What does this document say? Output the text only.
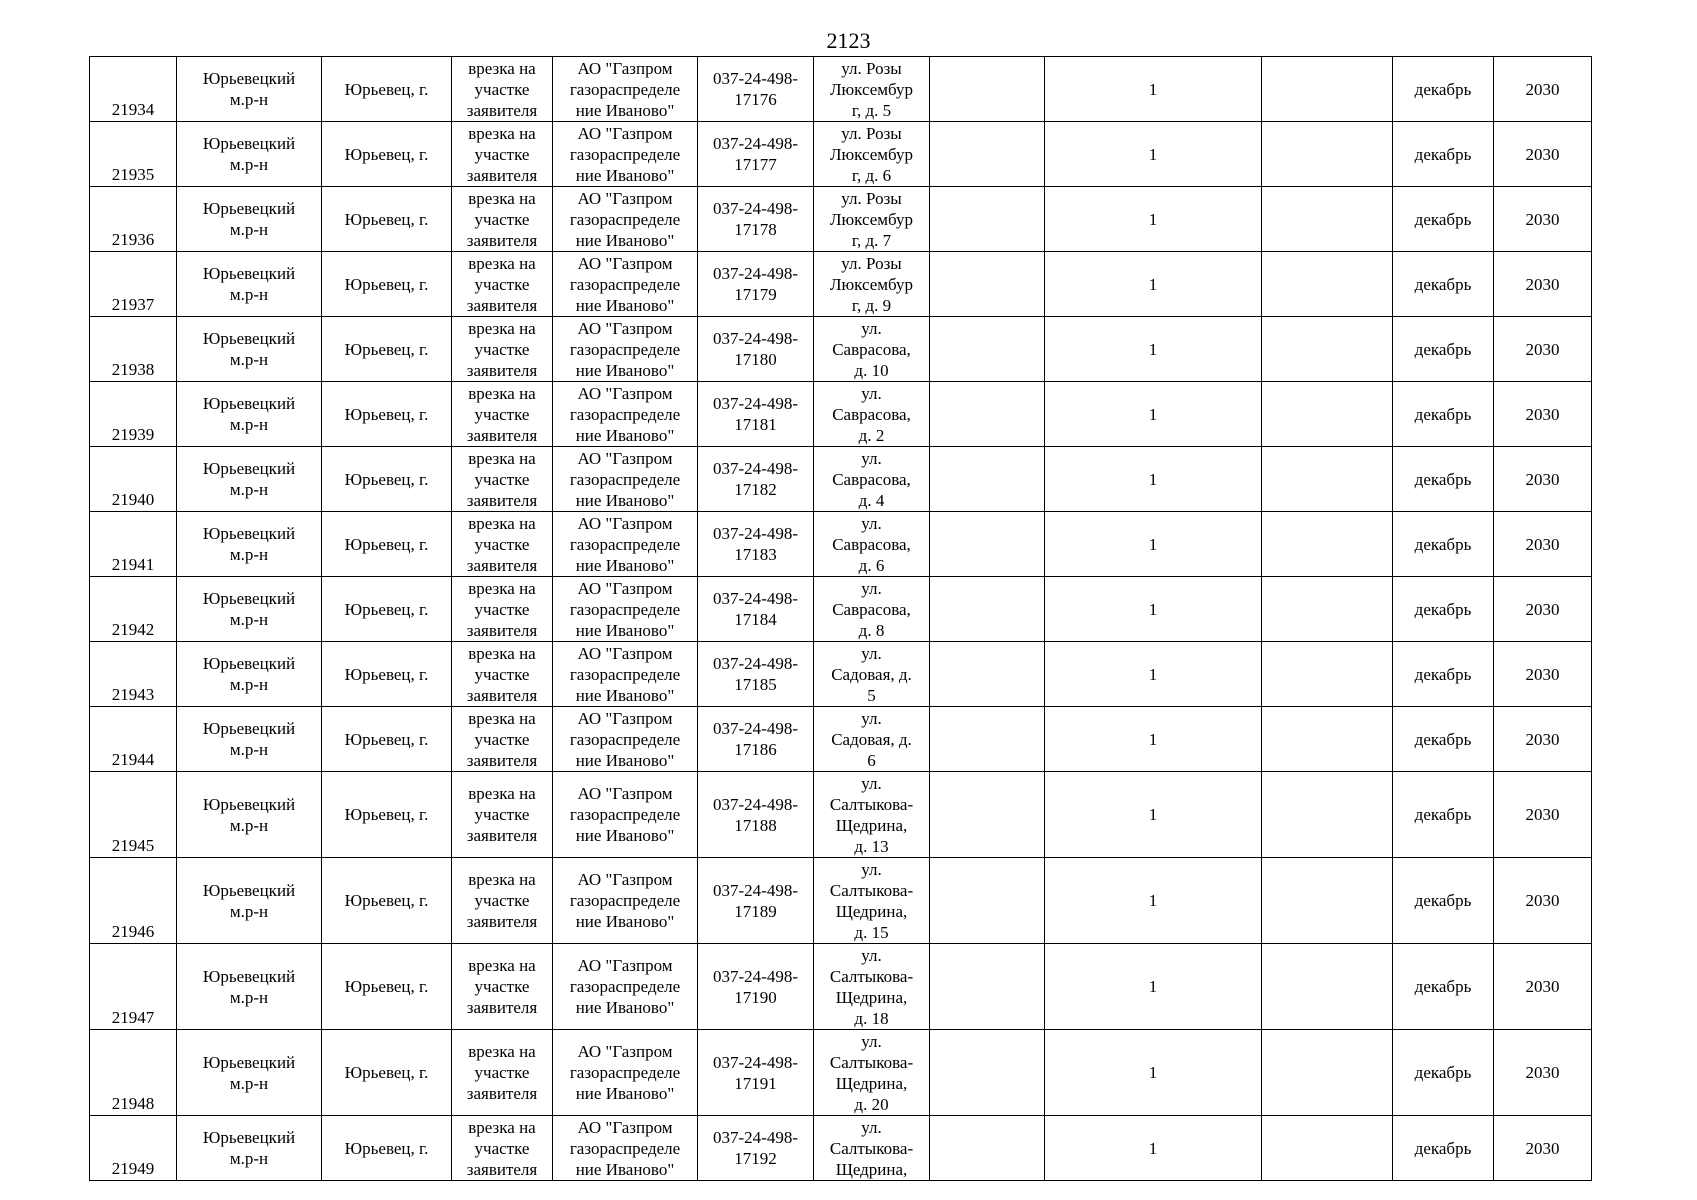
2123
21934	Юрьевецкий
м.р-н	Юрьевец, г.	врезка на
участке
заявителя	АО "Газпром
газораспределе
ние Иваново"	037-24-498-
17176	ул. Розы
Люксембур
г, д. 5		1		декабрь	2030
21935	Юрьевецкий
м.р-н	Юрьевец, г.	врезка на
участке
заявителя	АО "Газпром
газораспределе
ние Иваново"	037-24-498-
17177	ул. Розы
Люксембур
г, д. 6		1		декабрь	2030
21936	Юрьевецкий
м.р-н	Юрьевец, г.	врезка на
участке
заявителя	АО "Газпром
газораспределе
ние Иваново"	037-24-498-
17178	ул. Розы
Люксембур
г, д. 7		1		декабрь	2030
21937	Юрьевецкий
м.р-н	Юрьевец, г.	врезка на
участке
заявителя	АО "Газпром
газораспределе
ние Иваново"	037-24-498-
17179	ул. Розы
Люксембур
г, д. 9		1		декабрь	2030
21938	Юрьевецкий
м.р-н	Юрьевец, г.	врезка на
участке
заявителя	АО "Газпром
газораспределе
ние Иваново"	037-24-498-
17180	ул.
Саврасова,
д. 10		1		декабрь	2030
21939	Юрьевецкий
м.р-н	Юрьевец, г.	врезка на
участке
заявителя	АО "Газпром
газораспределе
ние Иваново"	037-24-498-
17181	ул.
Саврасова,
д. 2		1		декабрь	2030
21940	Юрьевецкий
м.р-н	Юрьевец, г.	врезка на
участке
заявителя	АО "Газпром
газораспределе
ние Иваново"	037-24-498-
17182	ул.
Саврасова,
д. 4		1		декабрь	2030
21941	Юрьевецкий
м.р-н	Юрьевец, г.	врезка на
участке
заявителя	АО "Газпром
газораспределе
ние Иваново"	037-24-498-
17183	ул.
Саврасова,
д. 6		1		декабрь	2030
21942	Юрьевецкий
м.р-н	Юрьевец, г.	врезка на
участке
заявителя	АО "Газпром
газораспределе
ние Иваново"	037-24-498-
17184	ул.
Саврасова,
д. 8		1		декабрь	2030
21943	Юрьевецкий
м.р-н	Юрьевец, г.	врезка на
участке
заявителя	АО "Газпром
газораспределе
ние Иваново"	037-24-498-
17185	ул.
Садовая, д.
5		1		декабрь	2030
21944	Юрьевецкий
м.р-н	Юрьевец, г.	врезка на
участке
заявителя	АО "Газпром
газораспределе
ние Иваново"	037-24-498-
17186	ул.
Садовая, д.
6		1		декабрь	2030
21945	Юрьевецкий
м.р-н	Юрьевец, г.	врезка на
участке
заявителя	АО "Газпром
газораспределе
ние Иваново"	037-24-498-
17188	ул.
Салтыкова-
Щедрина,
д. 13		1		декабрь	2030
21946	Юрьевецкий
м.р-н	Юрьевец, г.	врезка на
участке
заявителя	АО "Газпром
газораспределе
ние Иваново"	037-24-498-
17189	ул.
Салтыкова-
Щедрина,
д. 15		1		декабрь	2030
21947	Юрьевецкий
м.р-н	Юрьевец, г.	врезка на
участке
заявителя	АО "Газпром
газораспределе
ние Иваново"	037-24-498-
17190	ул.
Салтыкова-
Щедрина,
д. 18		1		декабрь	2030
21948	Юрьевецкий
м.р-н	Юрьевец, г.	врезка на
участке
заявителя	АО "Газпром
газораспределе
ние Иваново"	037-24-498-
17191	ул.
Салтыкова-
Щедрина,
д. 20		1		декабрь	2030
21949	Юрьевецкий
м.р-н	Юрьевец, г.	врезка на
участке
заявителя	АО "Газпром
газораспределе
ние Иваново"	037-24-498-
17192	ул.
Салтыкова-
Щедрина,		1		декабрь	2030
